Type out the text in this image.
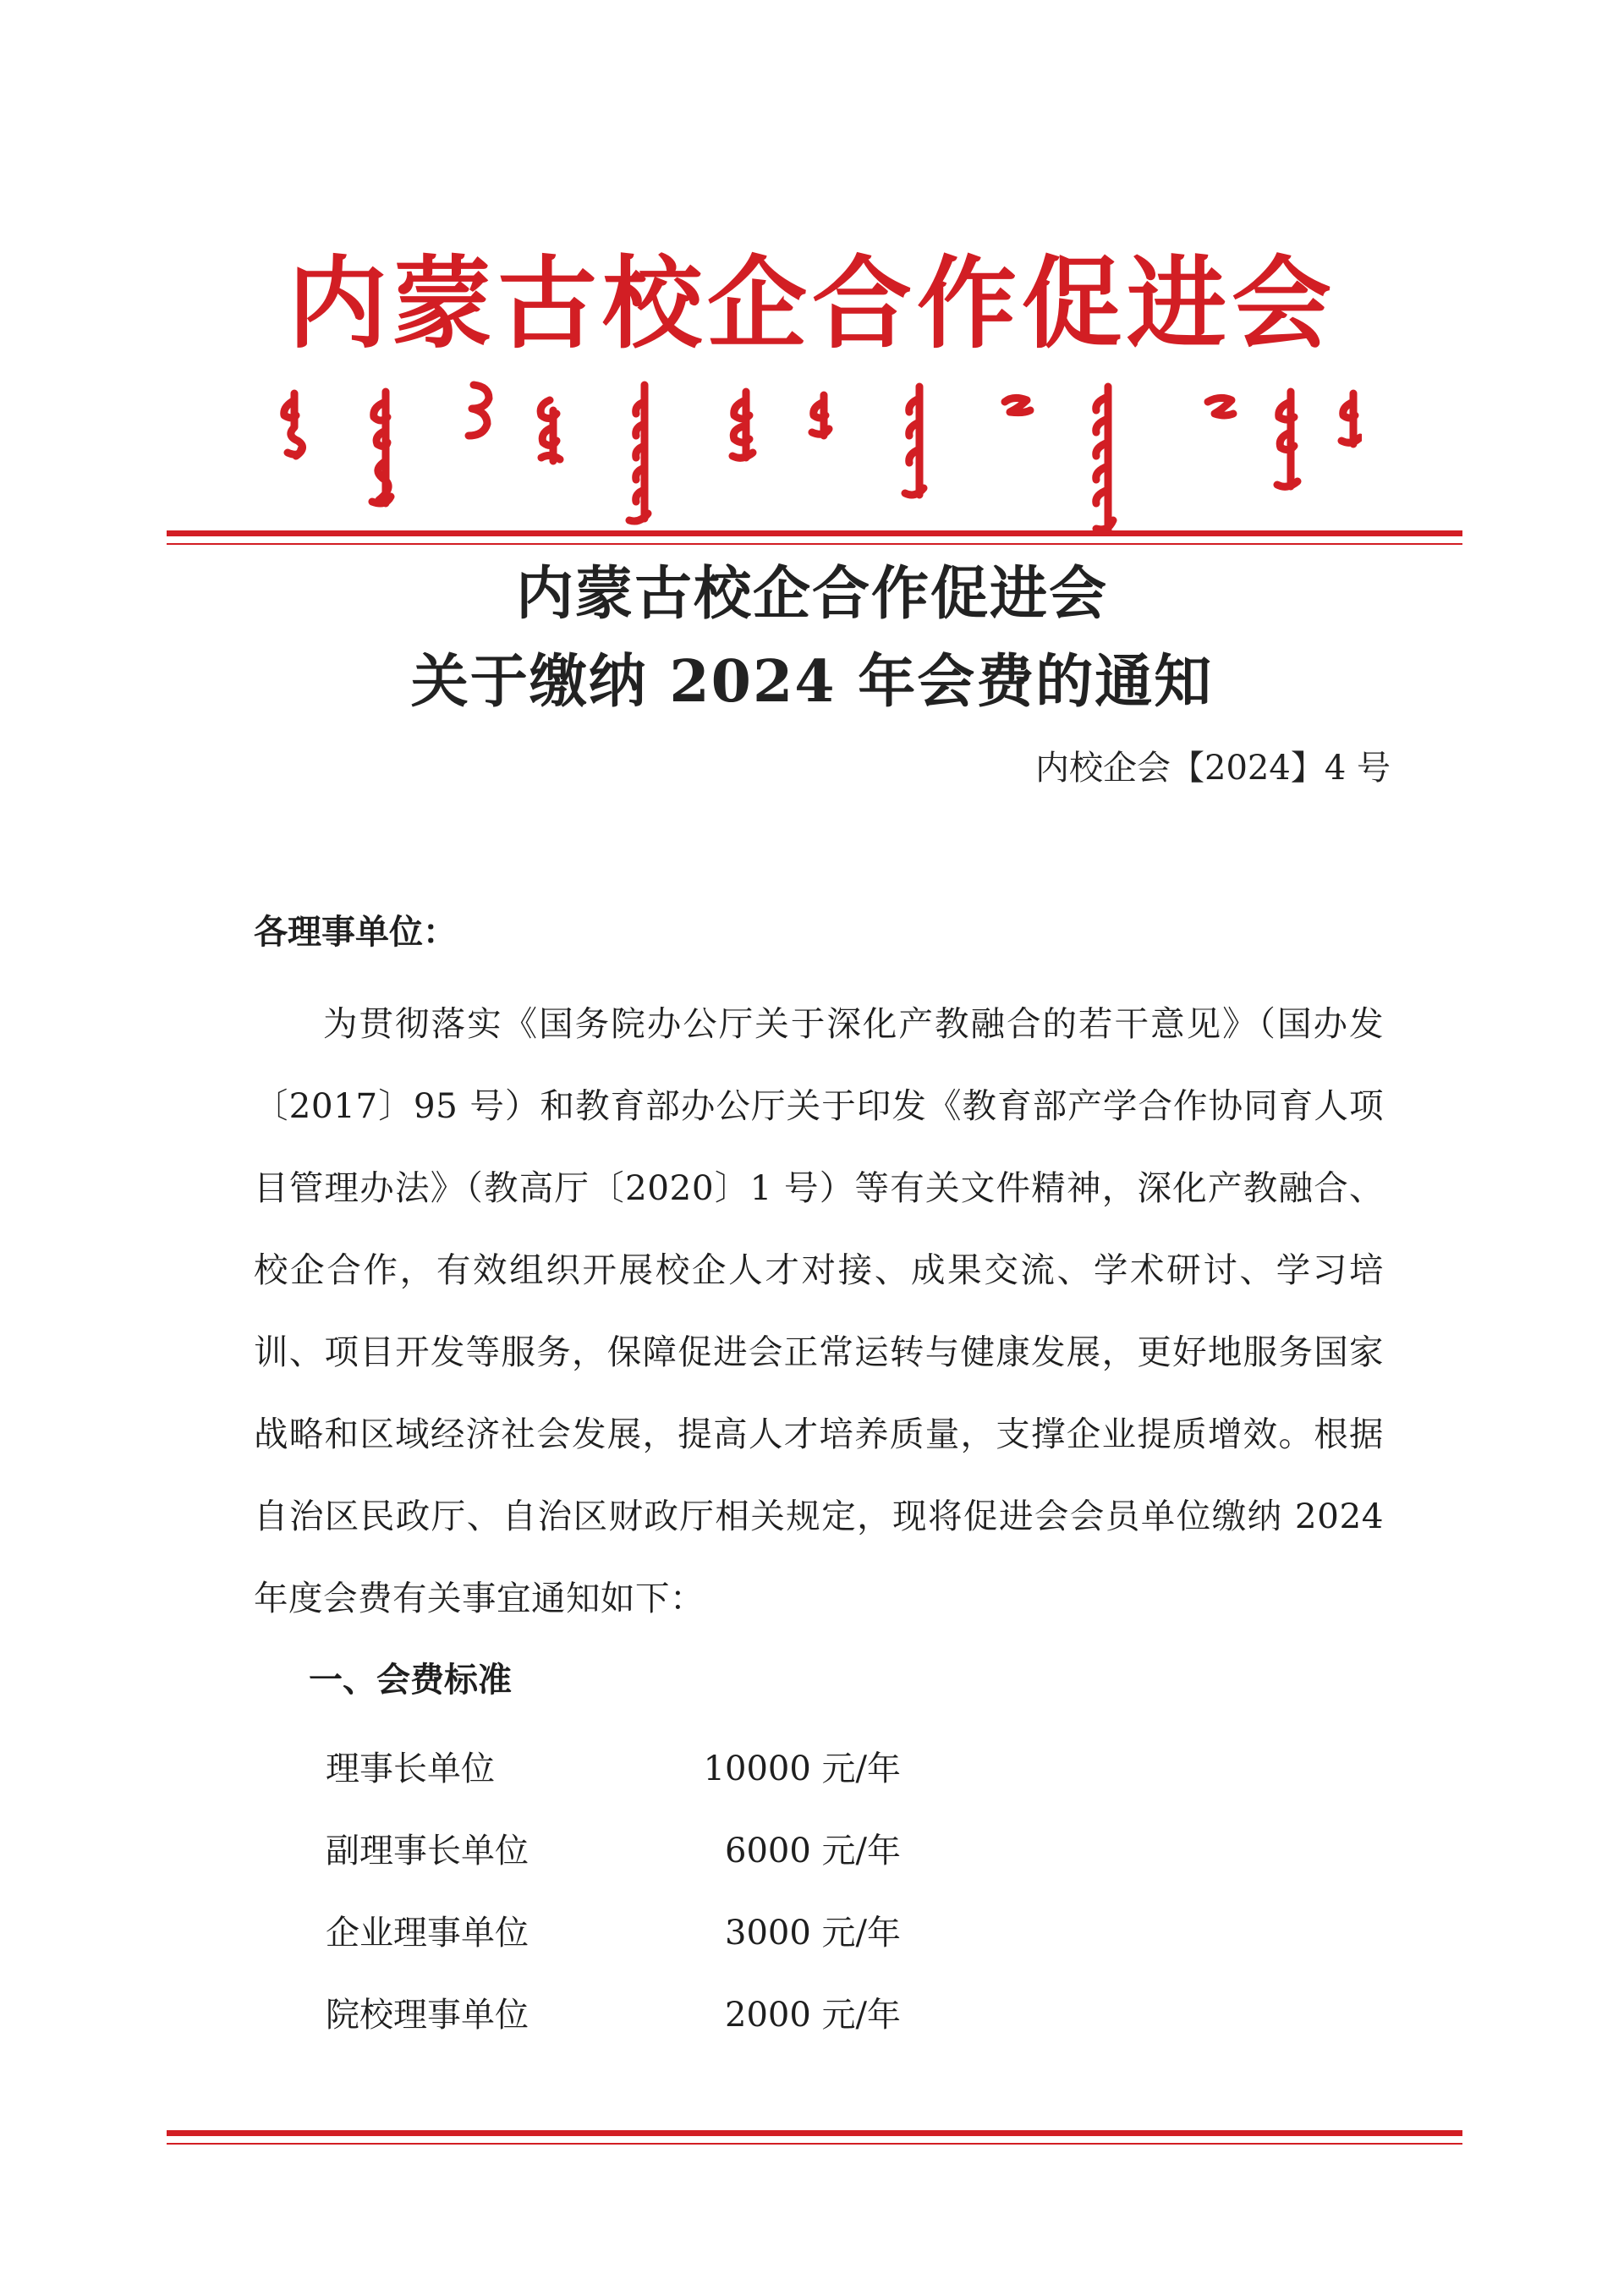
内蒙古校企合作促进会
内蒙古校企合作促进会
关于缴纳 2024 年会费的通知
内校企会【2024】4 号
各理事单位：
为贯彻落实《国务院办公厅关于深化产教融合的若干意见》（国办发〔2017〕95 号）和教育部办公厅关于印发《教育部产学合作协同育人项目管理办法》（教高厅〔2020〕1 号）等有关文件精神，深化产教融合、校企合作，有效组织开展校企人才对接、成果交流、学术研讨、学习培训、项目开发等服务，保障促进会正常运转与健康发展，更好地服务国家战略和区域经济社会发展，提高人才培养质量，支撑企业提质增效。根据自治区民政厅、自治区财政厅相关规定，现将促进会会员单位缴纳 2024 年度会费有关事宜通知如下：
一、会费标准
理事长单位	10000 元/年
副理事长单位	6000 元/年
企业理事单位	3000 元/年
院校理事单位	2000 元/年
